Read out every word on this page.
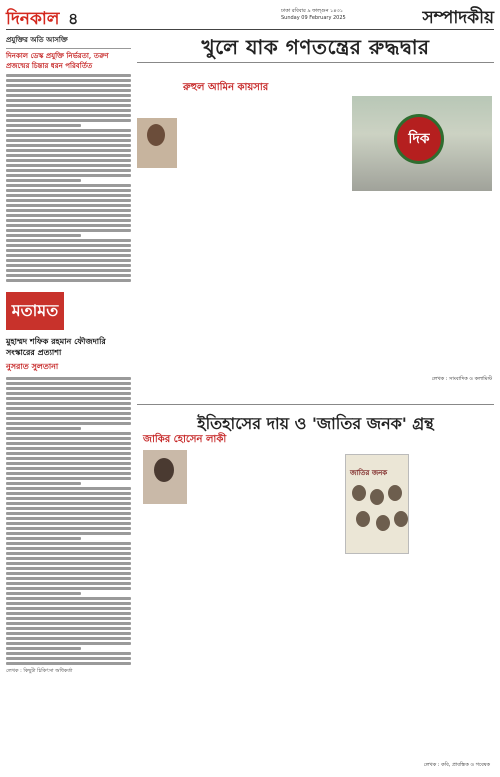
দিনকাল ৪	ঢাকা রবিবার ৯ ফাল্গুন ১৪৩১
Sunday 09 February 2025	সম্পাদকীয়
প্রযুক্তির অতি আসক্তি
দিনকাল ডেস্ক প্রযুক্তি নির্ভরতা, তরুণ প্রজন্মের চিন্তার ধরন পরিবর্তিত
মতামত
মুহাম্মদ শফিক রহমান ফৌজদারি সংস্কারের প্রত্যাশা
নুসরাত সুলতানা
লেখক : কিছুটা চিকিৎসা অধিকর্তা
খুলে যাক গণতন্ত্রের রুদ্ধদ্বার
রুহুল আমিন কায়সার
দিক
লেখক : সাংবাদিক ও কলামিস্ট
ইতিহাসের দায় ও 'জাতির জনক' গ্রন্থ
জাকির হোসেন লাকী
জাতির জনক
লেখক : কবি, প্রাবন্ধিক ও গবেষক
